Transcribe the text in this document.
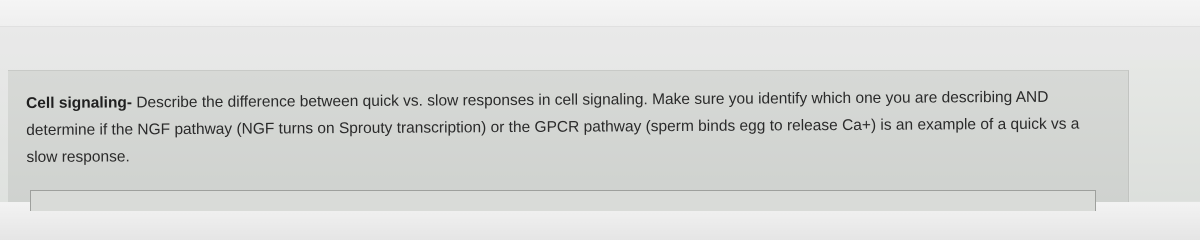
Cell signaling- Describe the difference between quick vs. slow responses in cell signaling. Make sure you identify which one you are describing AND determine if the NGF pathway (NGF turns on Sprouty transcription) or the GPCR pathway (sperm binds egg to release Ca+) is an example of a quick vs a slow response.
